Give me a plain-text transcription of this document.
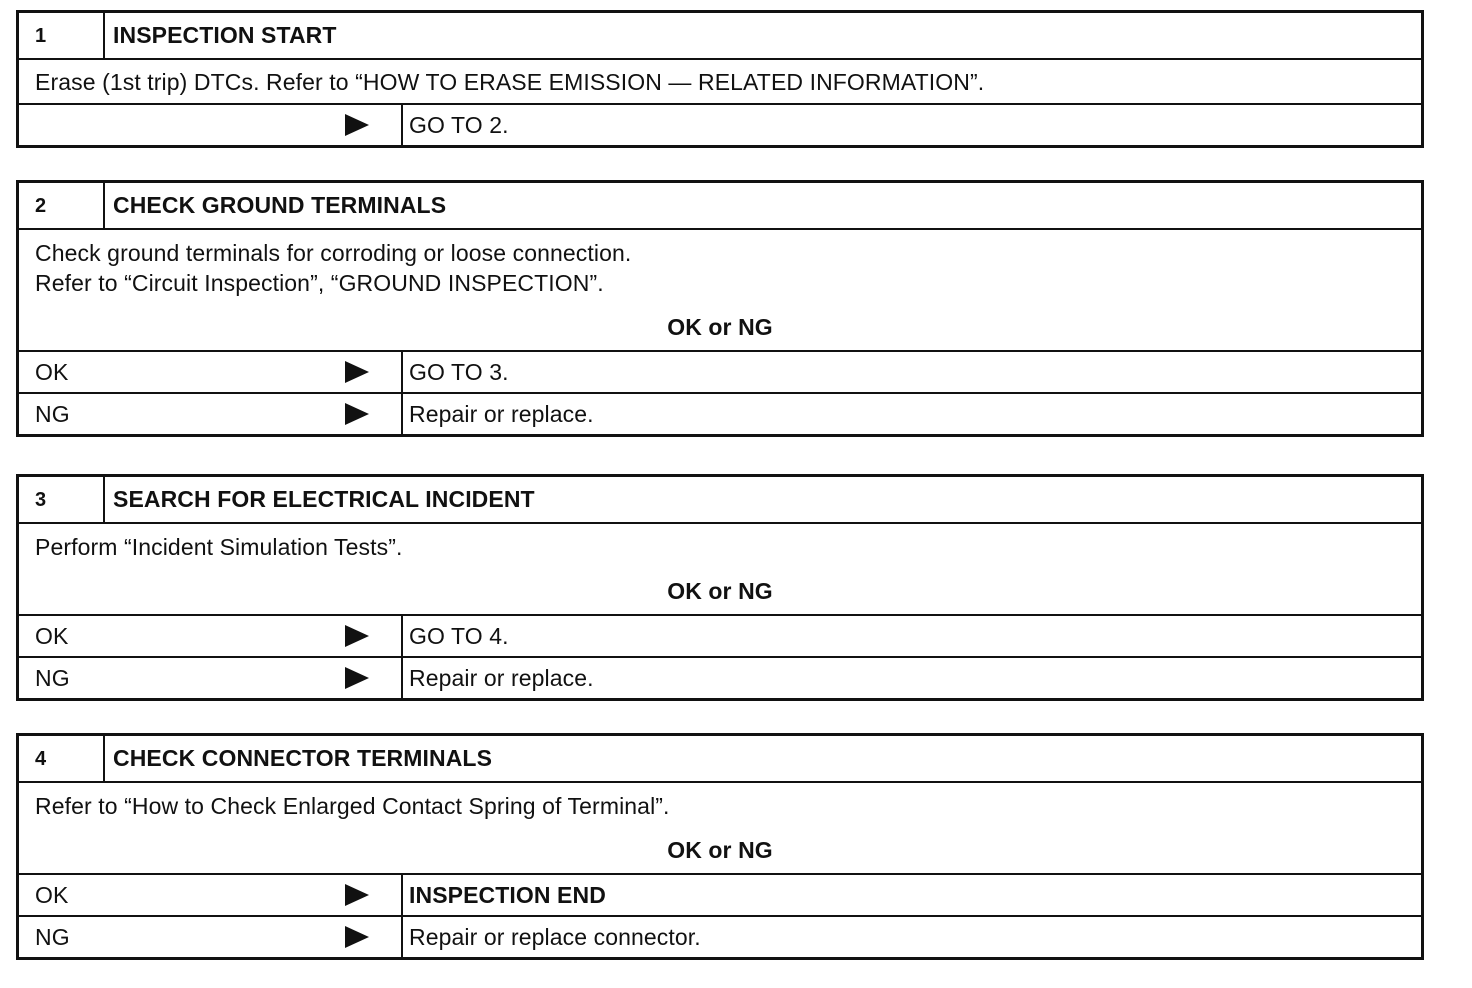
1	INSPECTION START
Erase (1st trip) DTCs. Refer to “HOW TO ERASE EMISSION — RELATED INFORMATION”.
GO TO 2.
2	CHECK GROUND TERMINALS
Check ground terminals for corroding or loose connection.
Refer to “Circuit Inspection”, “GROUND INSPECTION”.
OK or NG
OK	GO TO 3.
NG	Repair or replace.
3	SEARCH FOR ELECTRICAL INCIDENT
Perform “Incident Simulation Tests”.
OK or NG
OK	GO TO 4.
NG	Repair or replace.
4	CHECK CONNECTOR TERMINALS
Refer to “How to Check Enlarged Contact Spring of Terminal”.
OK or NG
OK	INSPECTION END
NG	Repair or replace connector.
